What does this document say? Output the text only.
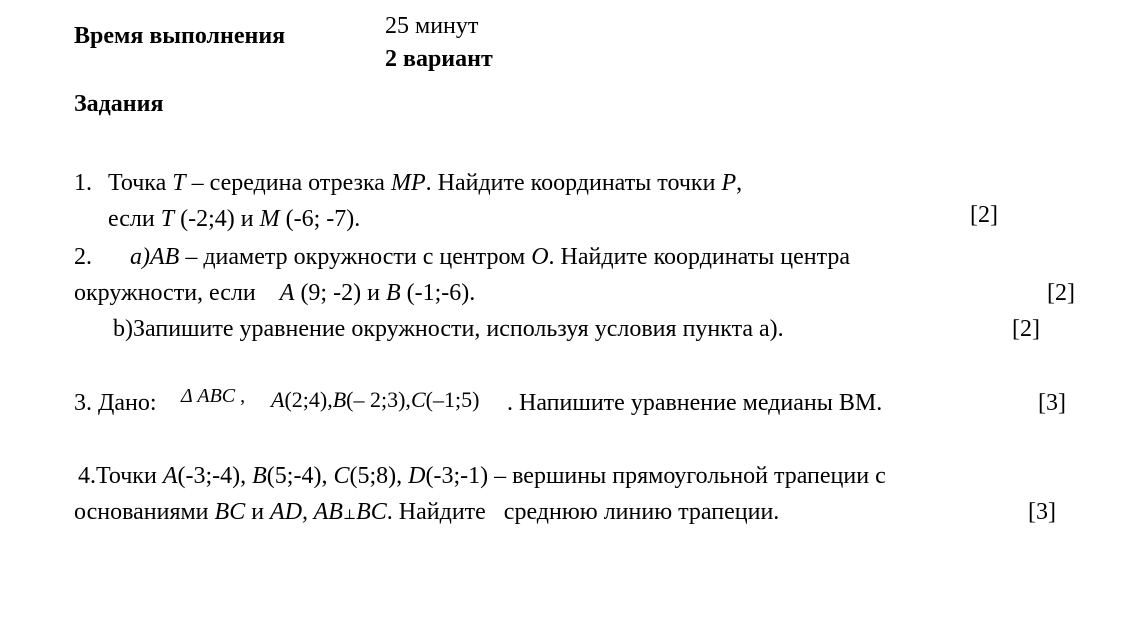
Время выполнения	25 минут
2 вариант
Задания
1. Точка T – середина отрезка MP. Найдите координаты точки P,
если T (-2;4) и M (-6; -7).	[2]
2. a)AB – диаметр окружности с центром O. Найдите координаты центра
окружности, если    A (9; -2) и B (-1;-6).	[2]
b)Запишите уравнение окружности, используя условия пункта а).	[2]
3. Дано: Δ ABC , A(2;4),B(– 2;3),C(–1;5) . Напишите уравнение медианы BM.	[3]
4.Точки A(-3;-4), B(5;-4), C(5;8), D(-3;-1) – вершины прямоугольной трапеции с
основаниями BC и AD, AB⊥BC. Найдите   среднюю линию трапеции.	[3]
